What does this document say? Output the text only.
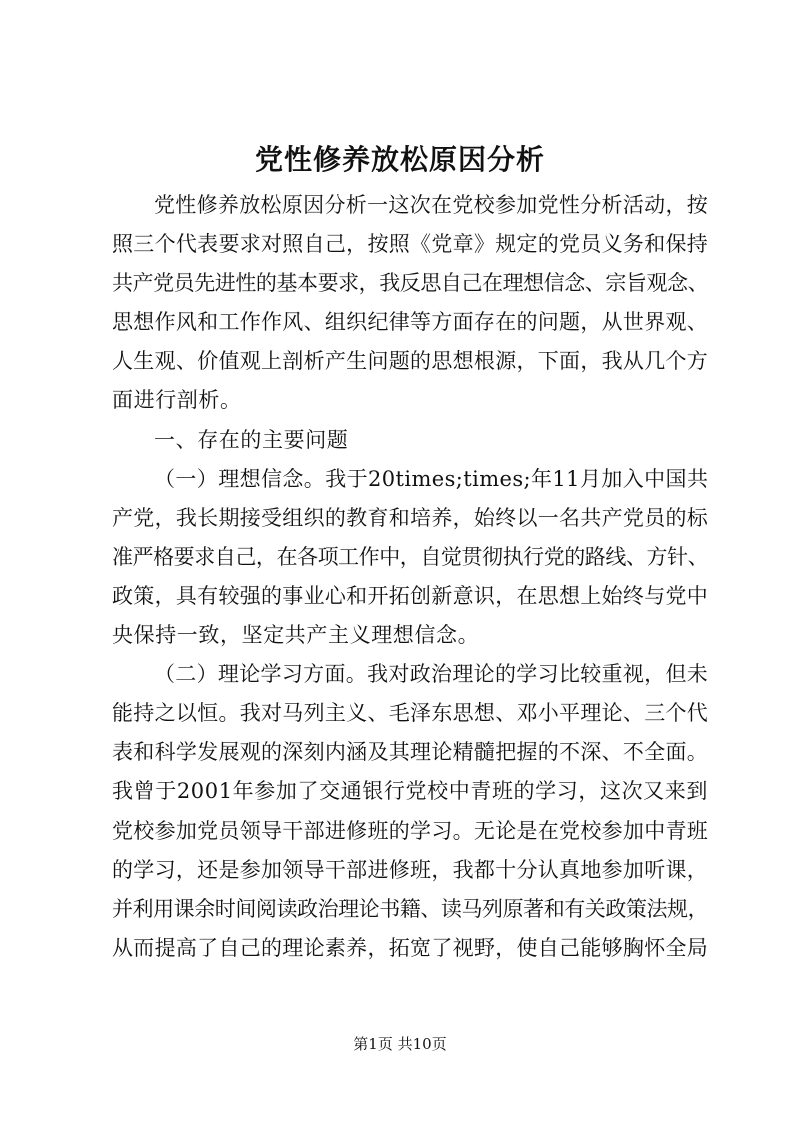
党性修养放松原因分析
党性修养放松原因分析一这次在党校参加党性分析活动，按
照三个代表要求对照自己，按照《党章》规定的党员义务和保持
共产党员先进性的基本要求，我反思自己在理想信念、宗旨观念、
思想作风和工作作风、组织纪律等方面存在的问题，从世界观、
人生观、价值观上剖析产生问题的思想根源，下面，我从几个方
面进行剖析。
一、存在的主要问题
（一）理想信念。我于20times;times;年11月加入中国共
产党，我长期接受组织的教育和培养，始终以一名共产党员的标
准严格要求自己，在各项工作中，自觉贯彻执行党的路线、方针、
政策，具有较强的事业心和开拓创新意识，在思想上始终与党中
央保持一致，坚定共产主义理想信念。
（二）理论学习方面。我对政治理论的学习比较重视，但未
能持之以恒。我对马列主义、毛泽东思想、邓小平理论、三个代
表和科学发展观的深刻内涵及其理论精髓把握的不深、不全面。
我曾于2001年参加了交通银行党校中青班的学习，这次又来到
党校参加党员领导干部进修班的学习。无论是在党校参加中青班
的学习，还是参加领导干部进修班，我都十分认真地参加听课，
并利用课余时间阅读政治理论书籍、读马列原著和有关政策法规，
从而提高了自己的理论素养，拓宽了视野，使自己能够胸怀全局
第1页 共10页
